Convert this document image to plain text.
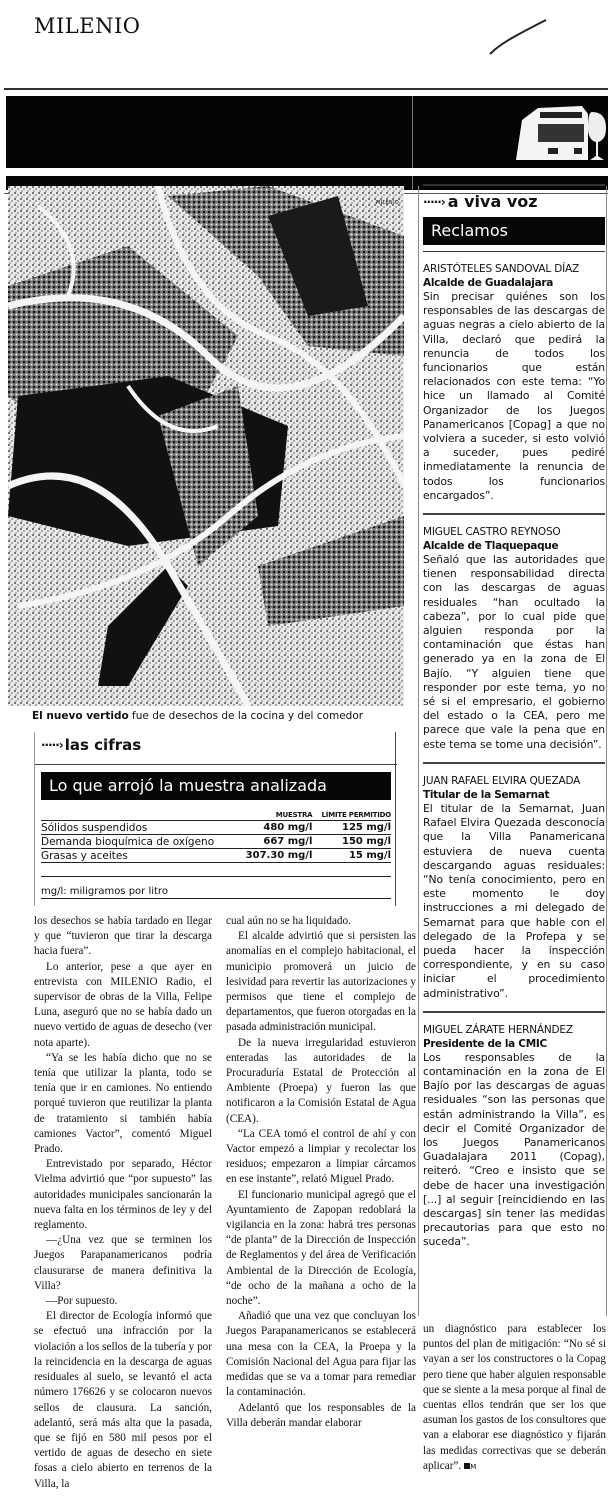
MILENIO
MILENIO
El nuevo vertido fue de desechos de la cocina y del comedor
·····› las cifras
Lo que arrojó la muestra analizada
	MUESTRA	LÍMITE PERMITIDO
Sólidos suspendidos	480 mg/l	125 mg/l
Demanda bioquímica de oxígeno	667 mg/l	150 mg/l
Grasas y aceites	307.30 mg/l	15 mg/l

mg/l: miligramos por litro

los desechos se había tardado en llegar y que “tuvieron que tirar la descarga hacia fuera”.

Lo anterior, pese a que ayer en entrevista con MILENIO Radio, el supervisor de obras de la Villa, Felipe Luna, aseguró que no se había dado un nuevo vertido de aguas de desecho (ver nota aparte).

“Ya se les había dicho que no se tenía que utilizar la planta, todo se tenía que ir en camiones. No entiendo porqué tuvieron que reutilizar la planta de tratamiento si también había camiones Vactor”, comentó Miguel Prado.

Entrevistado por separado, Héctor Vielma advirtió que “por supuesto” las autoridades municipales sancionarán la nueva falta en los términos de ley y del reglamento.

—¿Una vez que se terminen los Juegos Parapanamericanos podría clausurarse de manera definitiva la Villa?

—Por supuesto.

El director de Ecología informó que se efectuó una infracción por la violación a los sellos de la tubería y por la reincidencia en la descarga de aguas residuales al suelo, se levantó el acta número 176626 y se colocaron nuevos sellos de clausura. La sanción, adelantó, será más alta que la pasada, que se fijó en 580 mil pesos por el vertido de aguas de desecho en siete fosas a cielo abierto en terrenos de la Villa, la

cual aún no se ha liquidado.

El alcalde advirtió que si persisten las anomalías en el complejo habitacional, el municipio promoverá un juicio de lesividad para revertir las autorizaciones y permisos que tiene el complejo de departamentos, que fueron otorgadas en la pasada administración municipal.

De la nueva irregularidad estuvieron enteradas las autoridades de la Procuraduría Estatal de Protección al Ambiente (Proepa) y fueron las que notificaron a la Comisión Estatal de Agua (CEA).

“La CEA tomó el control de ahí y con Vactor empezó a limpiar y recolectar los residuos; empezaron a limpiar cárcamos en ese instante”, relató Miguel Prado.

El funcionario municipal agregó que el Ayuntamiento de Zapopan redoblará la vigilancia en la zona: habrá tres personas “de planta” de la Dirección de Inspección de Reglamentos y del área de Verificación Ambiental de la Dirección de Ecología, “de ocho de la mañana a ocho de la noche”.

Añadió que una vez que concluyan los Juegos Parapanamericanos se establecerá una mesa con la CEA, la Proepa y la Comisión Nacional del Agua para fijar las medidas que se va a tomar para remediar la contaminación.

Adelantó que los responsables de la Villa deberán mandar elaborar

·····› a viva voz
Reclamos
ARISTÓTELES SANDOVAL DÍAZ
Alcalde de Guadalajara
Sin precisar quiénes son los responsables de las descargas de aguas negras a cielo abierto de la Villa, declaró que pedirá la renuncia de todos los funcionarios que están relacionados con este tema: “Yo hice un llamado al Comité Organizador de los Juegos Panamericanos [Copag] a que no volviera a suceder, si esto volvió a suceder, pues pediré inmediatamente la renuncia de todos los funcionarios encargados”.
MIGUEL CASTRO REYNOSO
Alcalde de Tlaquepaque
Señaló que las autoridades que tienen responsabilidad directa con las descargas de aguas residuales “han ocultado la cabeza”, por lo cual pide que alguien responda por la contaminación que éstas han generado ya en la zona de El Bajío. “Y alguien tiene que responder por este tema, yo no sé si el empresario, el gobierno del estado o la CEA, pero me parece que vale la pena que en este tema se tome una decisión”.
JUAN RAFAEL ELVIRA QUEZADA
Titular de la Semarnat
El titular de la Semarnat, Juan Rafael Elvira Quezada desconocía que la Villa Panamericana estuviera de nueva cuenta descargando aguas residuales: “No tenía conocimiento, pero en este momento le doy instrucciones a mi delegado de Semarnat para que hable con el delegado de la Profepa y se pueda hacer la inspección correspondiente, y en su caso iniciar el procedimiento administrativo”.
MIGUEL ZÁRATE HERNÁNDEZ
Presidente de la CMIC
Los responsables de la contaminación en la zona de El Bajío por las descargas de aguas residuales “son las personas que están administrando la Villa”, es decir el Comité Organizador de los Juegos Panamericanos Guadalajara 2011 (Copag), reiteró. “Creo e insisto que se debe de hacer una investigación [...] al seguir [reincidiendo en las descargas] sin tener las medidas precautorias para que esto no suceda”.

un diagnóstico para establecer los puntos del plan de mitigación: “No sé si vayan a ser los constructores o la Copag pero tiene que haber alguien responsable que se siente a la mesa porque al final de cuentas ellos tendrán que ser los que asuman los gastos de los consultores que van a elaborar ese diagnóstico y fijarán las medidas correctivas que se deberán aplicar”. M
